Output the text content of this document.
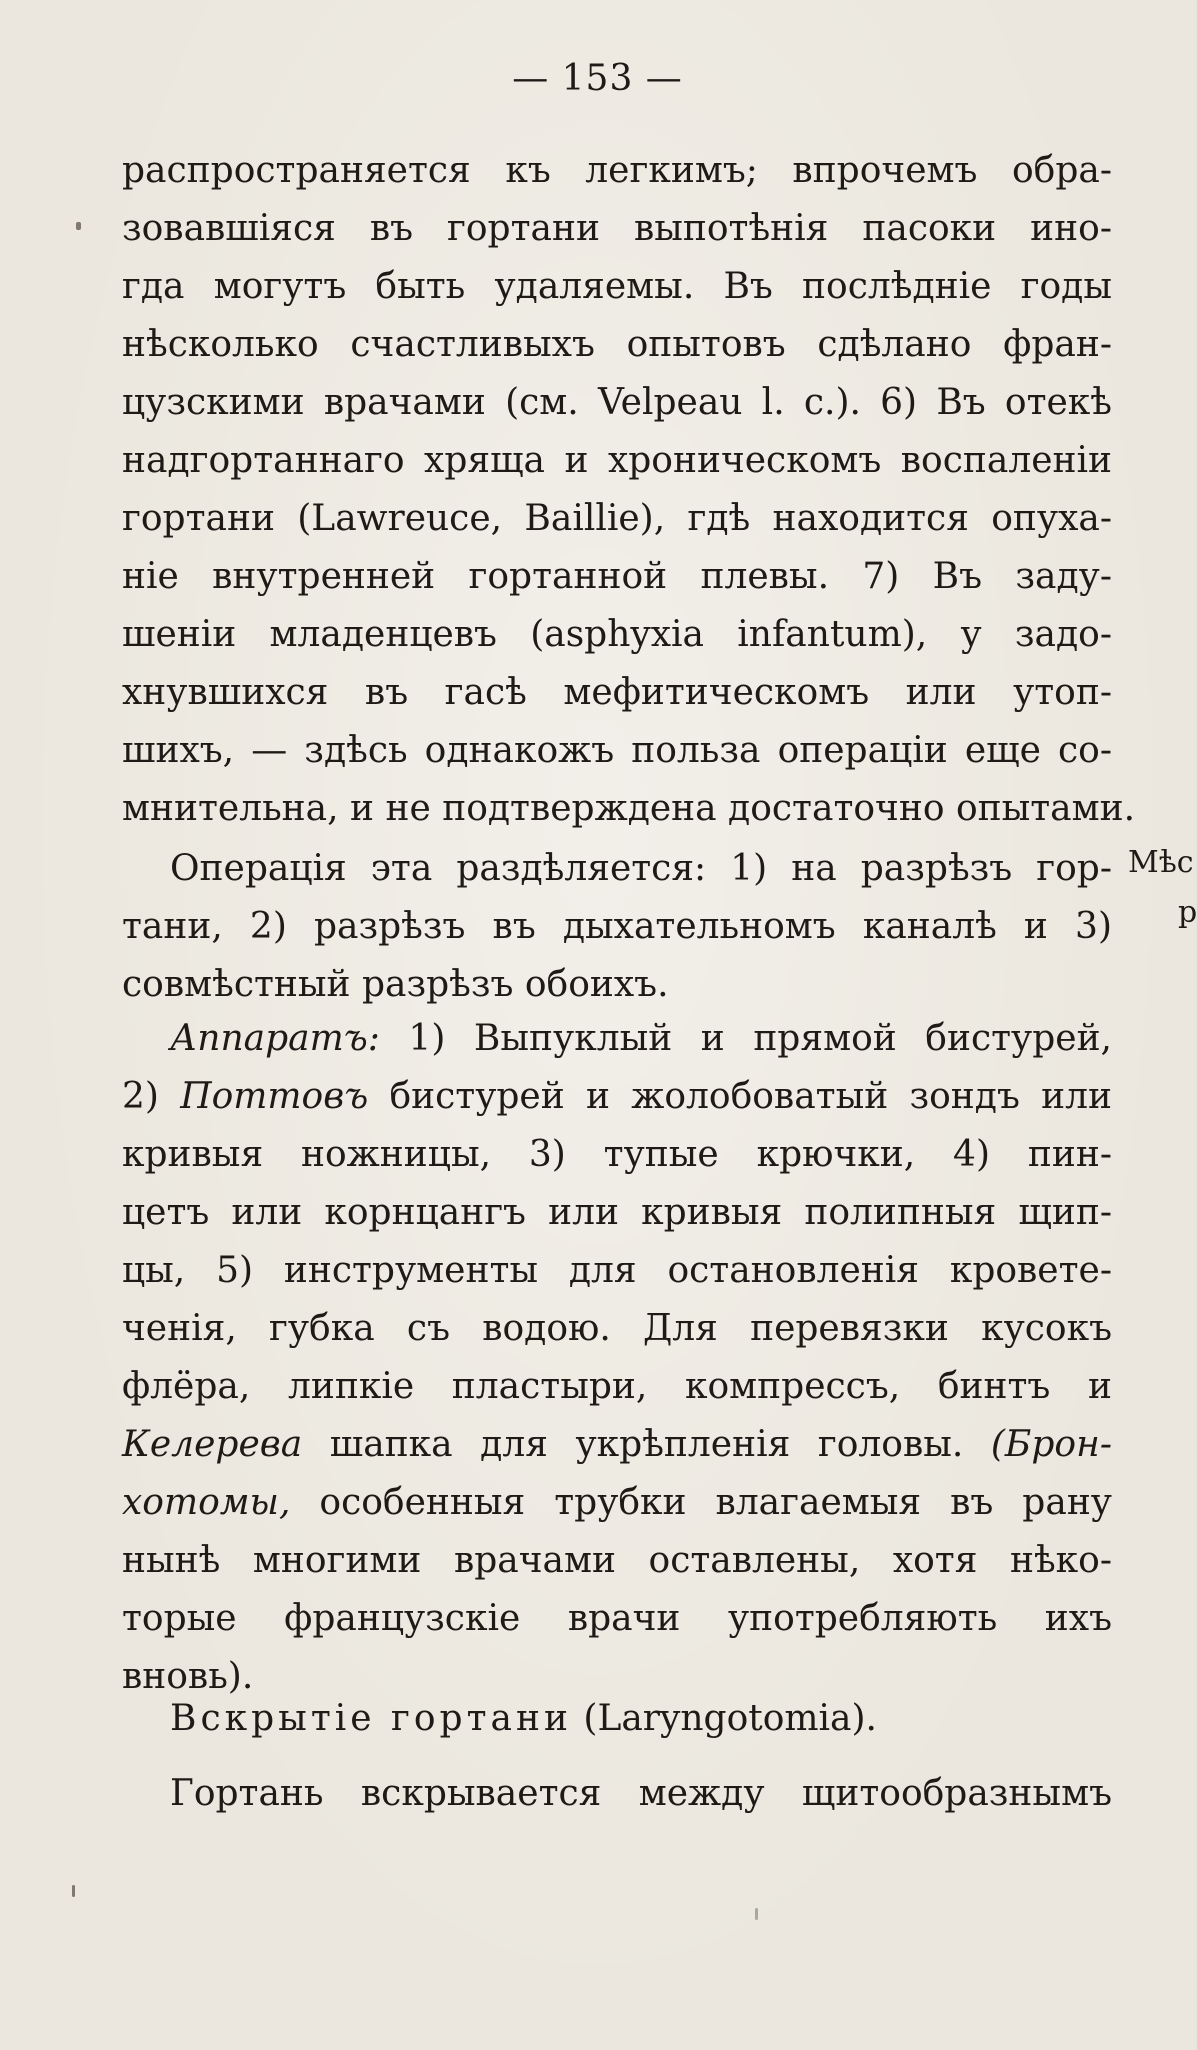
— 153 —
распространяется къ легкимъ; впрочемъ обра-
зовавшіяся въ гортани выпотѣнія пасоки ино-
гда могутъ быть удаляемы. Въ послѣдніе годы
нѣсколько счастливыхъ опытовъ сдѣлано фран-
цузскими врачами (см. Velpeau l. c.). 6) Въ отекѣ
надгортаннаго хряща и хроническомъ воспаленіи
гортани (Lawreuce, Baillie), гдѣ находится опуха-
ніе внутренней гортанной плевы. 7) Въ заду-
шеніи младенцевъ (asphyxia infantum), у задо-
хнувшихся въ гасѣ мефитическомъ или утоп-
шихъ, — здѣсь однакожъ польза операціи еще со-
мнительна, и не подтверждена достаточно опытами.
Операція эта раздѣляется: 1) на разрѣзъ гор-
тани, 2) разрѣзъ въ дыхательномъ каналѣ и 3)
совмѣстный разрѣзъ обоихъ.
Аппаратъ: 1) Выпуклый и прямой бистурей,
2) Поттовъ бистурей и жолобоватый зондъ или
кривыя ножницы, 3) тупые крючки, 4) пин-
цетъ или корнцангъ или кривыя полипныя щип-
цы, 5) инструменты для остановленія кровете-
ченія, губка съ водою. Для перевязки кусокъ
флёра, липкіе пластыри, компрессъ, бинтъ и
Келерева шапка для укрѣпленія головы. (Брон-
хотомы, особенныя трубки влагаемыя въ рану
нынѣ многими врачами оставлены, хотя нѣко-
торые французскіе врачи употребляють ихъ
вновь).
Вскрытіе гортани (Laryngotomia).
Гортань вскрывается между щитообразнымъ
Мѣс
р
